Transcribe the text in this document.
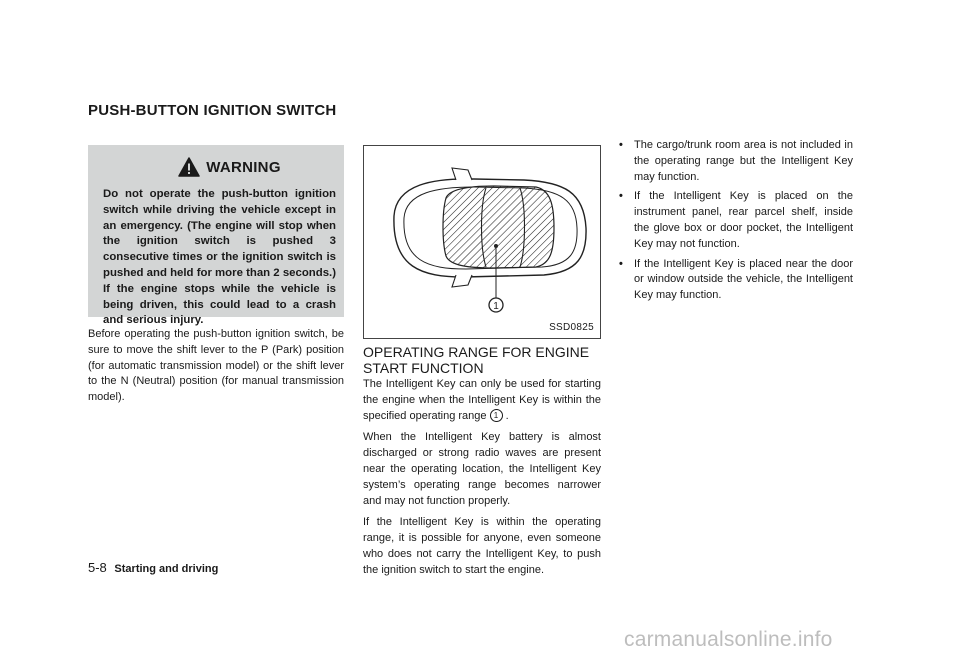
PUSH-BUTTON IGNITION SWITCH
WARNING

Do not operate the push-button ignition switch while driving the vehicle except in an emergency. (The engine will stop when the ignition switch is pushed 3 consecutive times or the ignition switch is pushed and held for more than 2 seconds.) If the engine stops while the vehicle is being driven, this could lead to a crash and serious injury.

Before operating the push-button ignition switch, be sure to move the shift lever to the P (Park) position (for automatic transmission model) or the shift lever to the N (Neutral) position (for manual transmission model).

1
SSD0825
OPERATING RANGE FOR ENGINE START FUNCTION

The Intelligent Key can only be used for starting the engine when the Intelligent Key is within the specified operating range 1 .

When the Intelligent Key battery is almost discharged or strong radio waves are present near the operating location, the Intelligent Key system’s operating range becomes narrower and may not function properly.

If the Intelligent Key is within the operating range, it is possible for anyone, even someone who does not carry the Intelligent Key, to push the ignition switch to start the engine.

• The cargo/trunk room area is not included in the operating range but the Intelligent Key may function.
• If the Intelligent Key is placed on the instrument panel, rear parcel shelf, inside the glove box or door pocket, the Intelligent Key may not function.
• If the Intelligent Key is placed near the door or window outside the vehicle, the Intelligent Key may function.
5-8 Starting and driving
carmanualsonline.info
